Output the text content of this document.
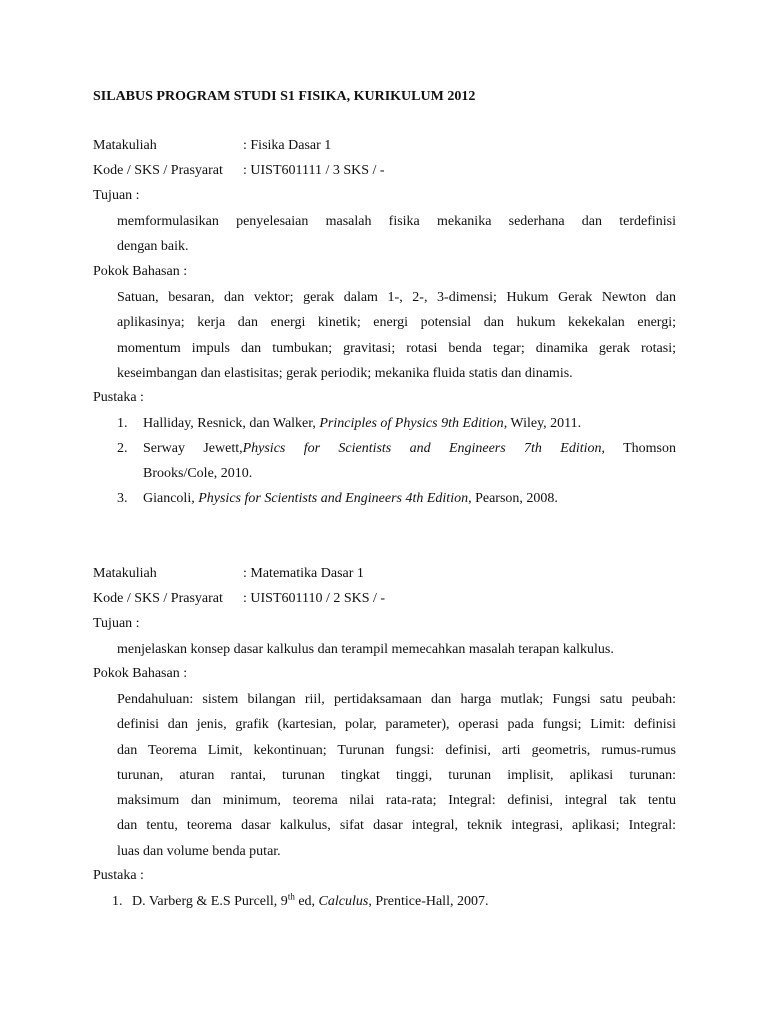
SILABUS PROGRAM STUDI S1 FISIKA, KURIKULUM 2012
Matakuliah	: Fisika Dasar 1
Kode / SKS / Prasyarat : UIST601111 / 3 SKS / -
Tujuan :
memformulasikan penyelesaian masalah fisika mekanika sederhana dan terdefinisi
dengan baik.
Pokok Bahasan :
Satuan, besaran, dan vektor; gerak dalam 1-, 2-, 3-dimensi; Hukum Gerak Newton dan
aplikasinya; kerja dan energi kinetik; energi potensial dan hukum kekekalan energi;
momentum impuls dan tumbukan; gravitasi; rotasi benda tegar; dinamika gerak rotasi;
keseimbangan dan elastisitas; gerak periodik; mekanika fluida statis dan dinamis.
Pustaka :
1. Halliday, Resnick, dan Walker, Principles of Physics 9th Edition, Wiley, 2011.
2. Serway Jewett,Physics for Scientists and Engineers 7th Edition, Thomson
Brooks/Cole, 2010.
3. Giancoli, Physics for Scientists and Engineers 4th Edition, Pearson, 2008.
Matakuliah	: Matematika Dasar 1
Kode / SKS / Prasyarat : UIST601110 / 2 SKS / -
Tujuan :
menjelaskan konsep dasar kalkulus dan terampil memecahkan masalah terapan kalkulus.
Pokok Bahasan :
Pendahuluan: sistem bilangan riil, pertidaksamaan dan harga mutlak; Fungsi satu peubah:
definisi dan jenis, grafik (kartesian, polar, parameter), operasi pada fungsi; Limit: definisi
dan Teorema Limit, kekontinuan; Turunan fungsi: definisi, arti geometris, rumus-rumus
turunan, aturan rantai, turunan tingkat tinggi, turunan implisit, aplikasi turunan:
maksimum dan minimum, teorema nilai rata-rata; Integral: definisi, integral tak tentu
dan tentu, teorema dasar kalkulus, sifat dasar integral, teknik integrasi, aplikasi; Integral:
luas dan volume benda putar.
Pustaka :
1. D. Varberg & E.S Purcell, 9th ed, Calculus, Prentice-Hall, 2007.
